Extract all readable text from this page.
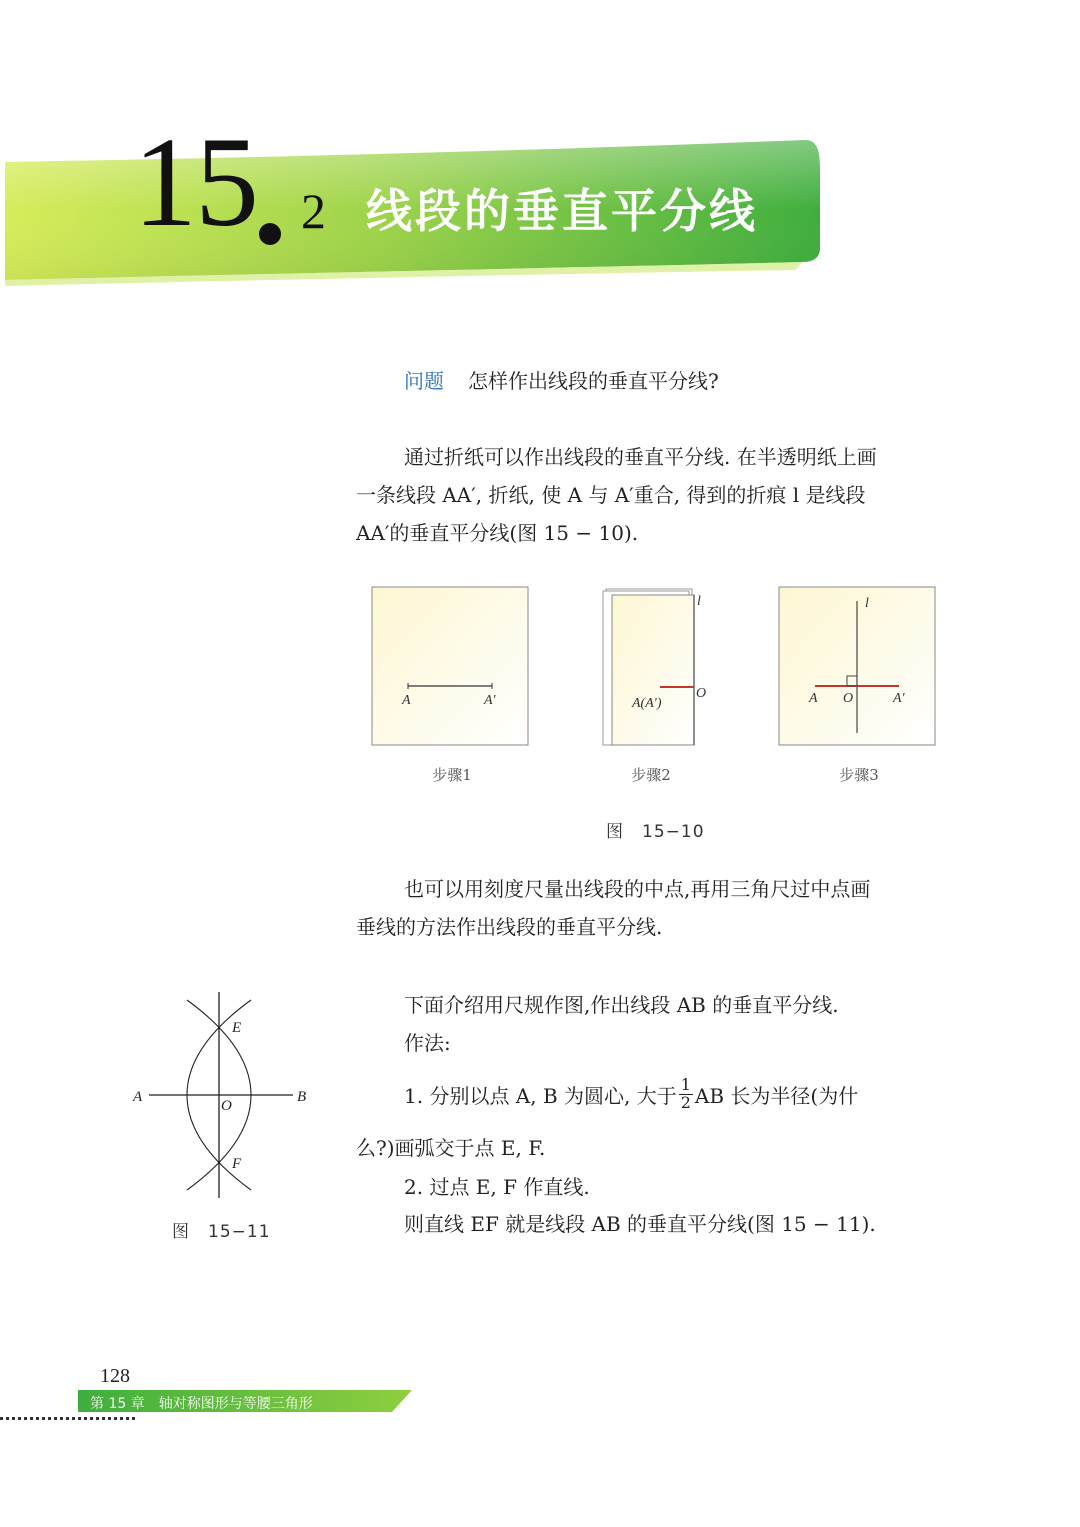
15 2 线段的垂直平分线
问题 怎样作出线段的垂直平分线?
通过折纸可以作出线段的垂直平分线. 在半透明纸上画
一条线段 AA′, 折纸, 使 A 与 A′重合, 得到的折痕 l 是线段
AA′的垂直平分线(图 15 − 10).
A	A′
l
O
A(A′)
l
A O	A′
步骤1	步骤2	步骤3
图　15−10
也可以用刻度尺量出线段的中点,再用三角尺过中点画
垂线的方法作出线段的垂直平分线.
下面介绍用尺规作图,作出线段 AB 的垂直平分线.
作法:
1. 分别以点 A, B 为圆心, 大于 $\frac{1}{2}$ AB 长为半径(为什
么?)画弧交于点 E, F.
2. 过点 E, F 作直线.
则直线 EF 就是线段 AB 的垂直平分线(图 15 − 11).
A	B
E
F
O
图　15−11
128
第 15 章　轴对称图形与等腰三角形
